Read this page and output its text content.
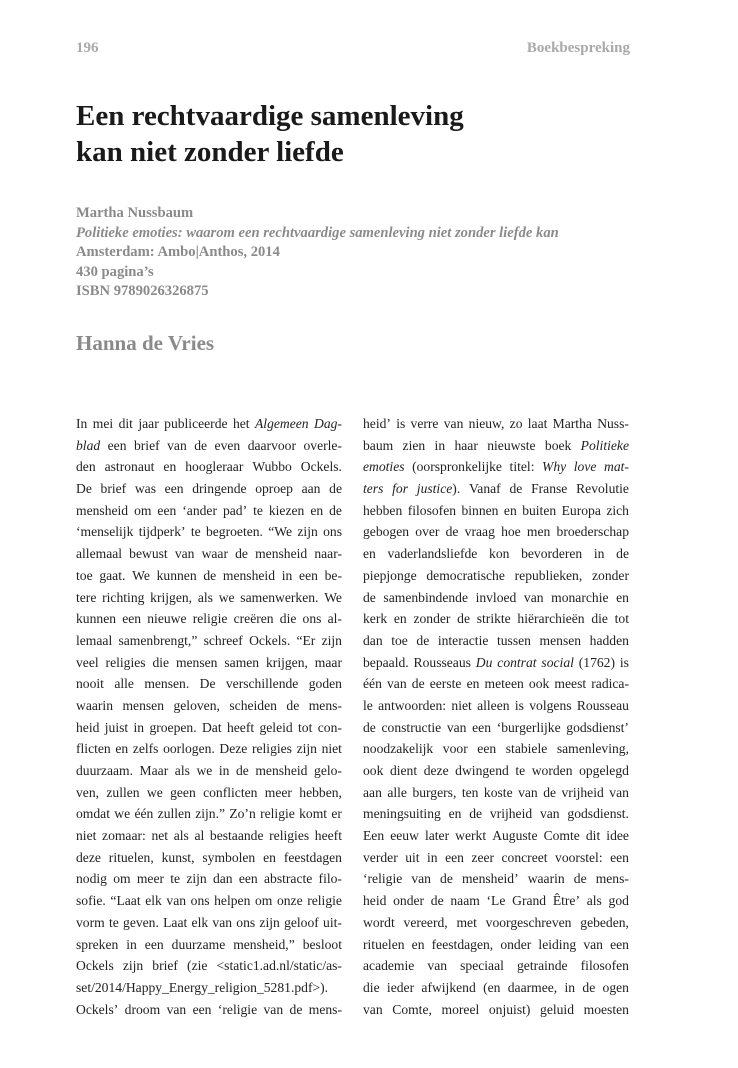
196	Boekbespreking
Een rechtvaardige samenleving
kan niet zonder liefde
Martha Nussbaum
Politieke emoties: waarom een rechtvaardige samenleving niet zonder liefde kan
Amsterdam: Ambo|Anthos, 2014
430 pagina’s
ISBN 9789026326875
Hanna de Vries
In mei dit jaar publiceerde het Algemeen Dag-
blad een brief van de even daarvoor overle-
den astronaut en hoogleraar Wubbo Ockels.
De brief was een dringende oproep aan de
mensheid om een ‘ander pad’ te kiezen en de
‘menselijk tijdperk’ te begroeten. “We zijn ons
allemaal bewust van waar de mensheid naar-
toe gaat. We kunnen de mensheid in een be-
tere richting krijgen, als we samenwerken. We
kunnen een nieuwe religie creëren die ons al-
lemaal samenbrengt,” schreef Ockels. “Er zijn
veel religies die mensen samen krijgen, maar
nooit alle mensen. De verschillende goden
waarin mensen geloven, scheiden de mens-
heid juist in groepen. Dat heeft geleid tot con-
flicten en zelfs oorlogen. Deze religies zijn niet
duurzaam. Maar als we in de mensheid gelo-
ven, zullen we geen conflicten meer hebben,
omdat we één zullen zijn.” Zo’n religie komt er
niet zomaar: net als al bestaande religies heeft
deze rituelen, kunst, symbolen en feestdagen
nodig om meer te zijn dan een abstracte filo-
sofie. “Laat elk van ons helpen om onze religie
vorm te geven. Laat elk van ons zijn geloof uit-
spreken in een duurzame mensheid,” besloot
Ockels zijn brief (zie <static1.ad.nl/static/as-
set/2014/Happy_Energy_religion_5281.pdf>).
Ockels’ droom van een ‘religie van de mens-
heid’ is verre van nieuw, zo laat Martha Nuss-
baum zien in haar nieuwste boek Politieke
emoties (oorspronkelijke titel: Why love mat-
ters for justice). Vanaf de Franse Revolutie
hebben filosofen binnen en buiten Europa zich
gebogen over de vraag hoe men broederschap
en vaderlandsliefde kon bevorderen in de
piepjonge democratische republieken, zonder
de samenbindende invloed van monarchie en
kerk en zonder de strikte hiërarchieën die tot
dan toe de interactie tussen mensen hadden
bepaald. Rousseaus Du contrat social (1762) is
één van de eerste en meteen ook meest radica-
le antwoorden: niet alleen is volgens Rousseau
de constructie van een ‘burgerlijke godsdienst’
noodzakelijk voor een stabiele samenleving,
ook dient deze dwingend te worden opgelegd
aan alle burgers, ten koste van de vrijheid van
meningsuiting en de vrijheid van godsdienst.
Een eeuw later werkt Auguste Comte dit idee
verder uit in een zeer concreet voorstel: een
‘religie van de mensheid’ waarin de mens-
heid onder de naam ‘Le Grand Être’ als god
wordt vereerd, met voorgeschreven gebeden,
rituelen en feestdagen, onder leiding van een
academie van speciaal getrainde filosofen
die ieder afwijkend (en daarmee, in de ogen
van Comte, moreel onjuist) geluid moesten
